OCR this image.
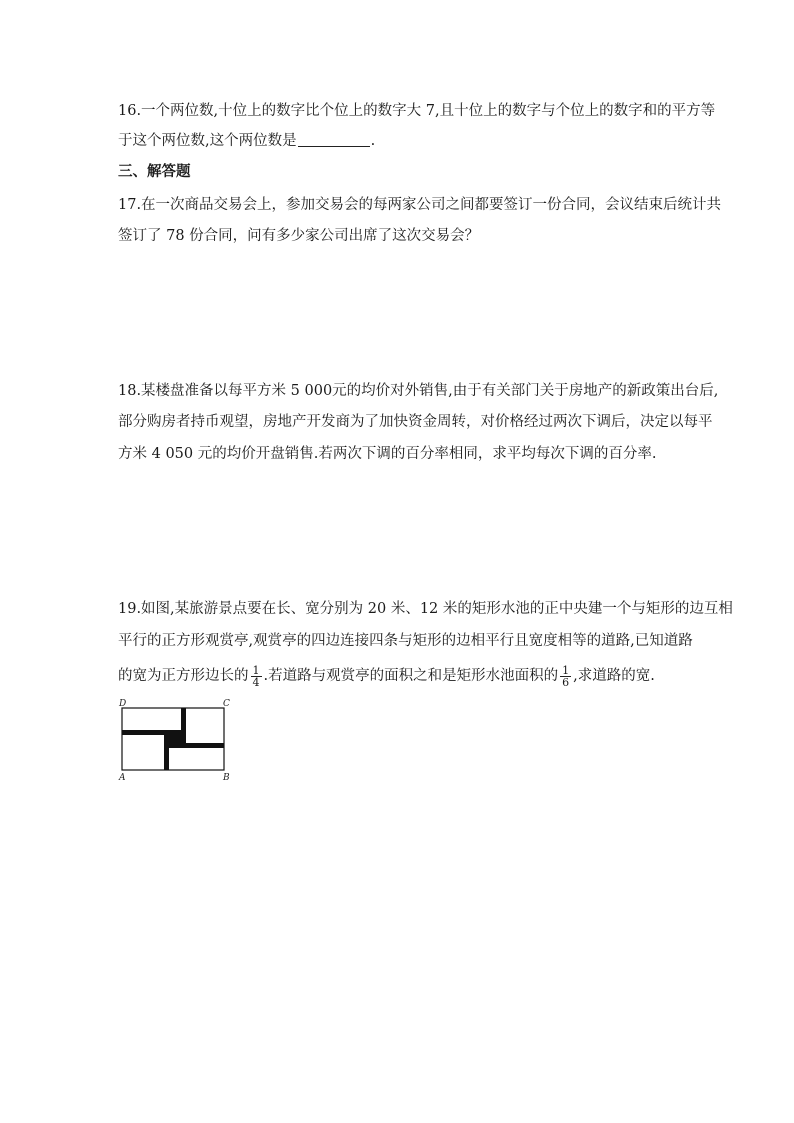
16.一个两位数,十位上的数字比个位上的数字大 7,且十位上的数字与个位上的数字和的平方等
于这个两位数,这个两位数是	.
三、解答题
17.在一次商品交易会上，参加交易会的每两家公司之间都要签订一份合同，会议结束后统计共
签订了 78 份合同，问有多少家公司出席了这次交易会？
18.某楼盘准备以每平方米 5 000元的均价对外销售,由于有关部门关于房地产的新政策出台后,
部分购房者持币观望，房地产开发商为了加快资金周转，对价格经过两次下调后，决定以每平
方米 4 050 元的均价开盘销售.若两次下调的百分率相同，求平均每次下调的百分率.
19.如图,某旅游景点要在长、宽分别为 20 米、12 米的矩形水池的正中央建一个与矩形的边互相
平行的正方形观赏亭,观赏亭的四边连接四条与矩形的边相平行且宽度相等的道路,已知道路
的宽为正方形边长的 $\frac{1}{4}$ .若道路与观赏亭的面积之和是矩形水池面积的 $\frac{1}{6}$ ,求道路的宽.
D	C
A	B
